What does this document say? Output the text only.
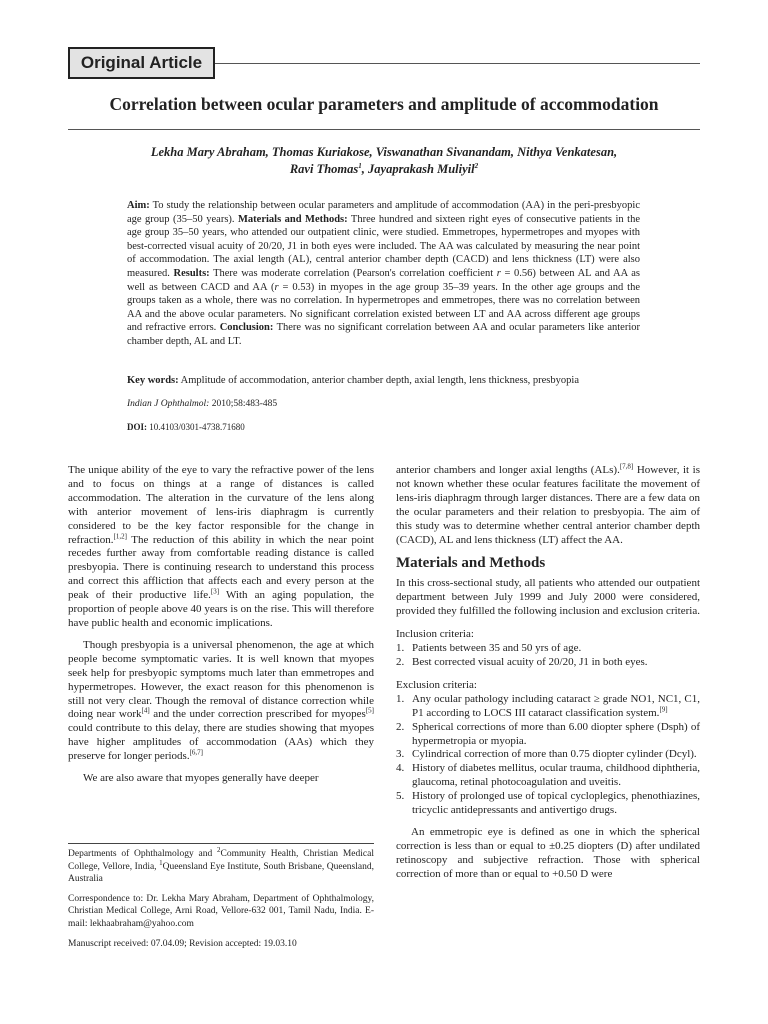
Original Article
Correlation between ocular parameters and amplitude of accommodation
Lekha Mary Abraham, Thomas Kuriakose, Viswanathan Sivanandam, Nithya Venkatesan,
Ravi Thomas$^1$, Jayaprakash Muliyil$^2$

Aim: To study the relationship between ocular parameters and amplitude of accommodation (AA) in the peri-presbyopic age group (35–50 years). Materials and Methods: Three hundred and sixteen right eyes of consecutive patients in the age group 35–50 years, who attended our outpatient clinic, were studied. Emmetropes, hypermetropes and myopes with best-corrected visual acuity of 20/20, J1 in both eyes were included. The AA was calculated by measuring the near point of accommodation. The axial length (AL), central anterior chamber depth (CACD) and lens thickness (LT) were also measured. Results: There was moderate correlation (Pearson's correlation coefficient r = 0.56) between AL and AA as well as between CACD and AA (r = 0.53) in myopes in the age group 35–39 years. In the other age groups and the groups taken as a whole, there was no correlation. In hypermetropes and emmetropes, there was no correlation between AA and the above ocular parameters. No significant correlation existed between LT and AA across different age groups and refractive errors. Conclusion: There was no significant correlation between AA and ocular parameters like anterior chamber depth, AL and LT.

Key words: Amplitude of accommodation, anterior chamber depth, axial length, lens thickness, presbyopia

Indian J Ophthalmol: 2010;58:483-485

DOI: 10.4103/0301-4738.71680

The unique ability of the eye to vary the refractive power of the lens and to focus on things at a range of distances is called accommodation. The alteration in the curvature of the lens along with anterior movement of lens-iris diaphragm is currently considered to be the key factor responsible for the change in refraction.[1,2] The reduction of this ability in which the near point recedes further away from comfortable reading distance is called presbyopia. There is continuing research to understand this process and correct this affliction that affects each and every person at the peak of their productive life.[3] With an aging population, the proportion of people above 40 years is on the rise. This will therefore have public health and economic implications.

Though presbyopia is a universal phenomenon, the age at which people become symptomatic varies. It is well known that myopes seek help for presbyopic symptoms much later than emmetropes and hypermetropes. However, the exact reason for this phenomenon is still not very clear. Though the removal of distance correction while doing near work[4] and the under correction prescribed for myopes[5] could contribute to this delay, there are studies showing that myopes have higher amplitudes of accommodation (AAs) which they preserve for longer periods.[6,7]

We are also aware that myopes generally have deeper

Departments of Ophthalmology and $^2$Community Health, Christian Medical College, Vellore, India, $^1$Queensland Eye Institute, South Brisbane, Queensland, Australia

Correspondence to: Dr. Lekha Mary Abraham, Department of Ophthalmology, Christian Medical College, Arni Road, Vellore-632 001, Tamil Nadu, India. E-mail: lekhaabraham@yahoo.com

Manuscript received: 07.04.09; Revision accepted: 19.03.10

anterior chambers and longer axial lengths (ALs).[7,8] However, it is not known whether these ocular features facilitate the movement of lens-iris diaphragm through larger distances. There are a few data on the ocular parameters and their relation to presbyopia. The aim of this study was to determine whether central anterior chamber depth (CACD), AL and lens thickness (LT) affect the AA.

Materials and Methods

In this cross-sectional study, all patients who attended our outpatient department between July 1999 and July 2000 were considered, provided they fulfilled the following inclusion and exclusion criteria.

Inclusion criteria:

1. Patients between 35 and 50 yrs of age.
2. Best corrected visual acuity of 20/20, J1 in both eyes.

Exclusion criteria:

1. Any ocular pathology including cataract ≥ grade NO1, NC1, C1, P1 according to LOCS III cataract classification system.[9]
2. Spherical corrections of more than 6.00 diopter sphere (Dsph) of hypermetropia or myopia.
3. Cylindrical correction of more than 0.75 diopter cylinder (Dcyl).
4. History of diabetes mellitus, ocular trauma, childhood diphtheria, glaucoma, retinal photocoagulation and uveitis.
5. History of prolonged use of topical cycloplegics, phenothiazines, tricyclic antidepressants and antivertigo drugs.

An emmetropic eye is defined as one in which the spherical correction is less than or equal to ±0.25 diopters (D) after undilated retinoscopy and subjective refraction. Those with spherical correction of more than or equal to +0.50 D were
